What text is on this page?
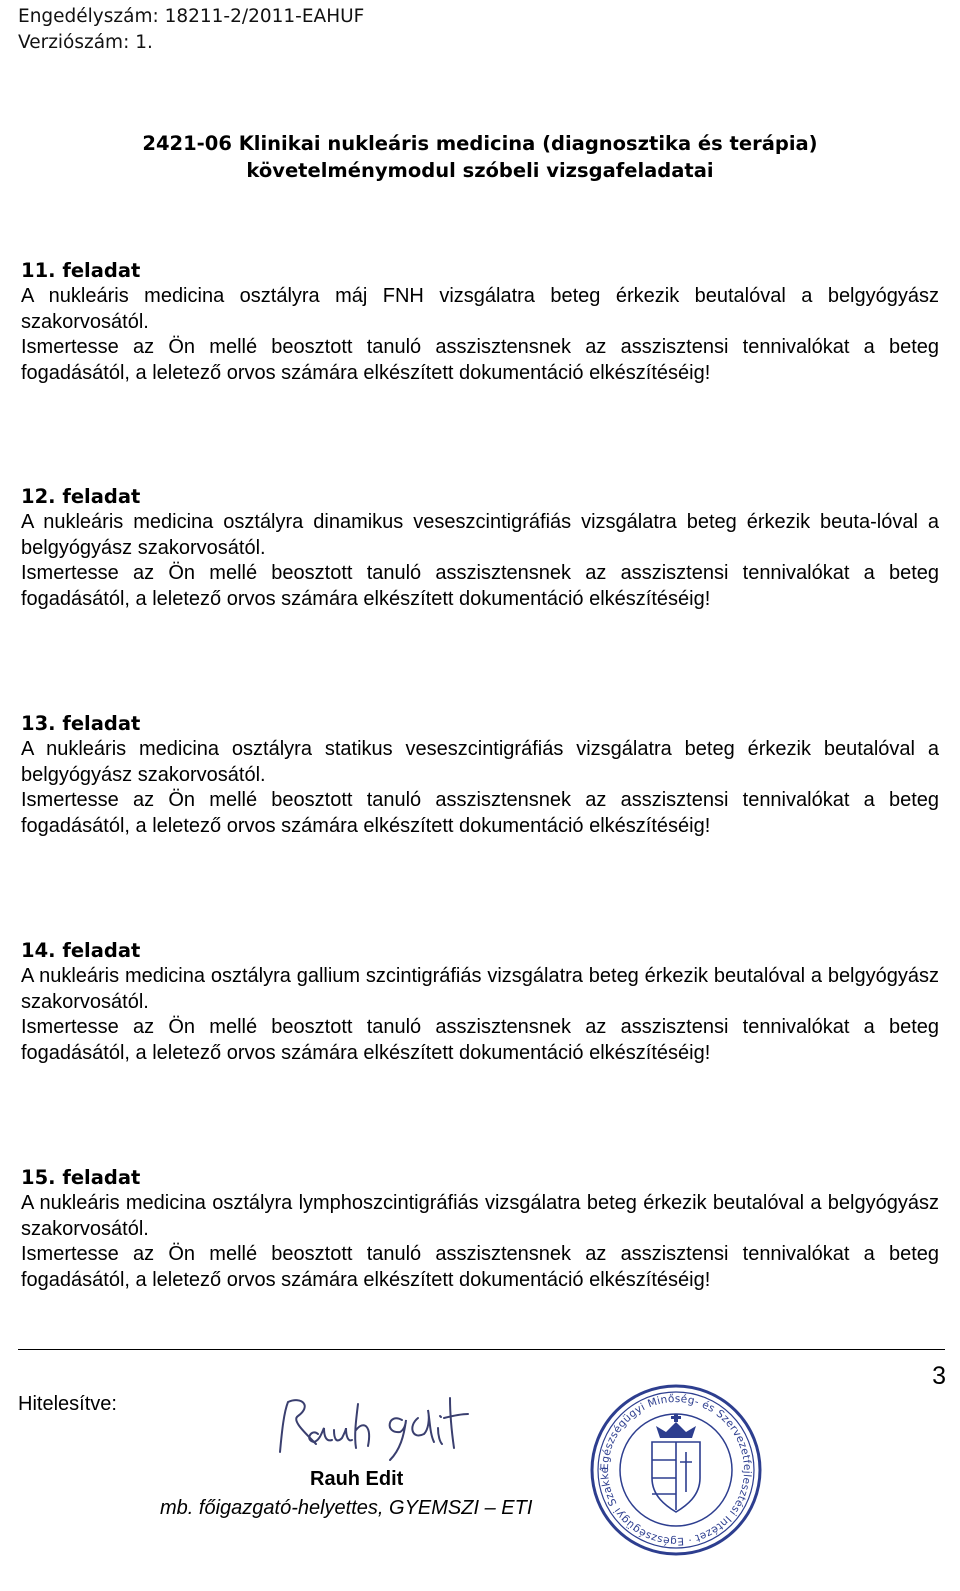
Engedélyszám: 18211-2/2011-EAHUF
Verziószám: 1.
2421-06 Klinikai nukleáris medicina (diagnosztika és terápia)
követelménymodul szóbeli vizsgafeladatai
11. feladat

A nukleáris medicina osztályra máj FNH vizsgálatra beteg érkezik beutalóval a belgyógyász szakorvosától.

Ismertesse az Ön mellé beosztott tanuló asszisztensnek az asszisztensi tennivalókat a beteg fogadásától, a leletező orvos számára elkészített dokumentáció elkészítéséig!

12. feladat

A nukleáris medicina osztályra dinamikus veseszcintigráfiás vizsgálatra beteg érkezik beuta-lóval a belgyógyász szakorvosától.

Ismertesse az Ön mellé beosztott tanuló asszisztensnek az asszisztensi tennivalókat a beteg fogadásától, a leletező orvos számára elkészített dokumentáció elkészítéséig!

13. feladat

A nukleáris medicina osztályra statikus veseszcintigráfiás vizsgálatra beteg érkezik beutalóval a belgyógyász szakorvosától.

Ismertesse az Ön mellé beosztott tanuló asszisztensnek az asszisztensi tennivalókat a beteg fogadásától, a leletező orvos számára elkészített dokumentáció elkészítéséig!

14. feladat

A nukleáris medicina osztályra gallium szcintigráfiás vizsgálatra beteg érkezik beutalóval a belgyógyász szakorvosától.

Ismertesse az Ön mellé beosztott tanuló asszisztensnek az asszisztensi tennivalókat a beteg fogadásától, a leletező orvos számára elkészített dokumentáció elkészítéséig!

15. feladat

A nukleáris medicina osztályra lymphoszcintigráfiás vizsgálatra beteg érkezik beutalóval a belgyógyász szakorvosától.

Ismertesse az Ön mellé beosztott tanuló asszisztensnek az asszisztensi tennivalókat a beteg fogadásától, a leletező orvos számára elkészített dokumentáció elkészítéséig!

3
Hitelesítve:
Rauh Edit
mb. főigazgató-helyettes, GYEMSZI – ETI
Egészségügyi Minőség- és Szervezetfejlesztési Intézet · Egészségügyi Szakké
